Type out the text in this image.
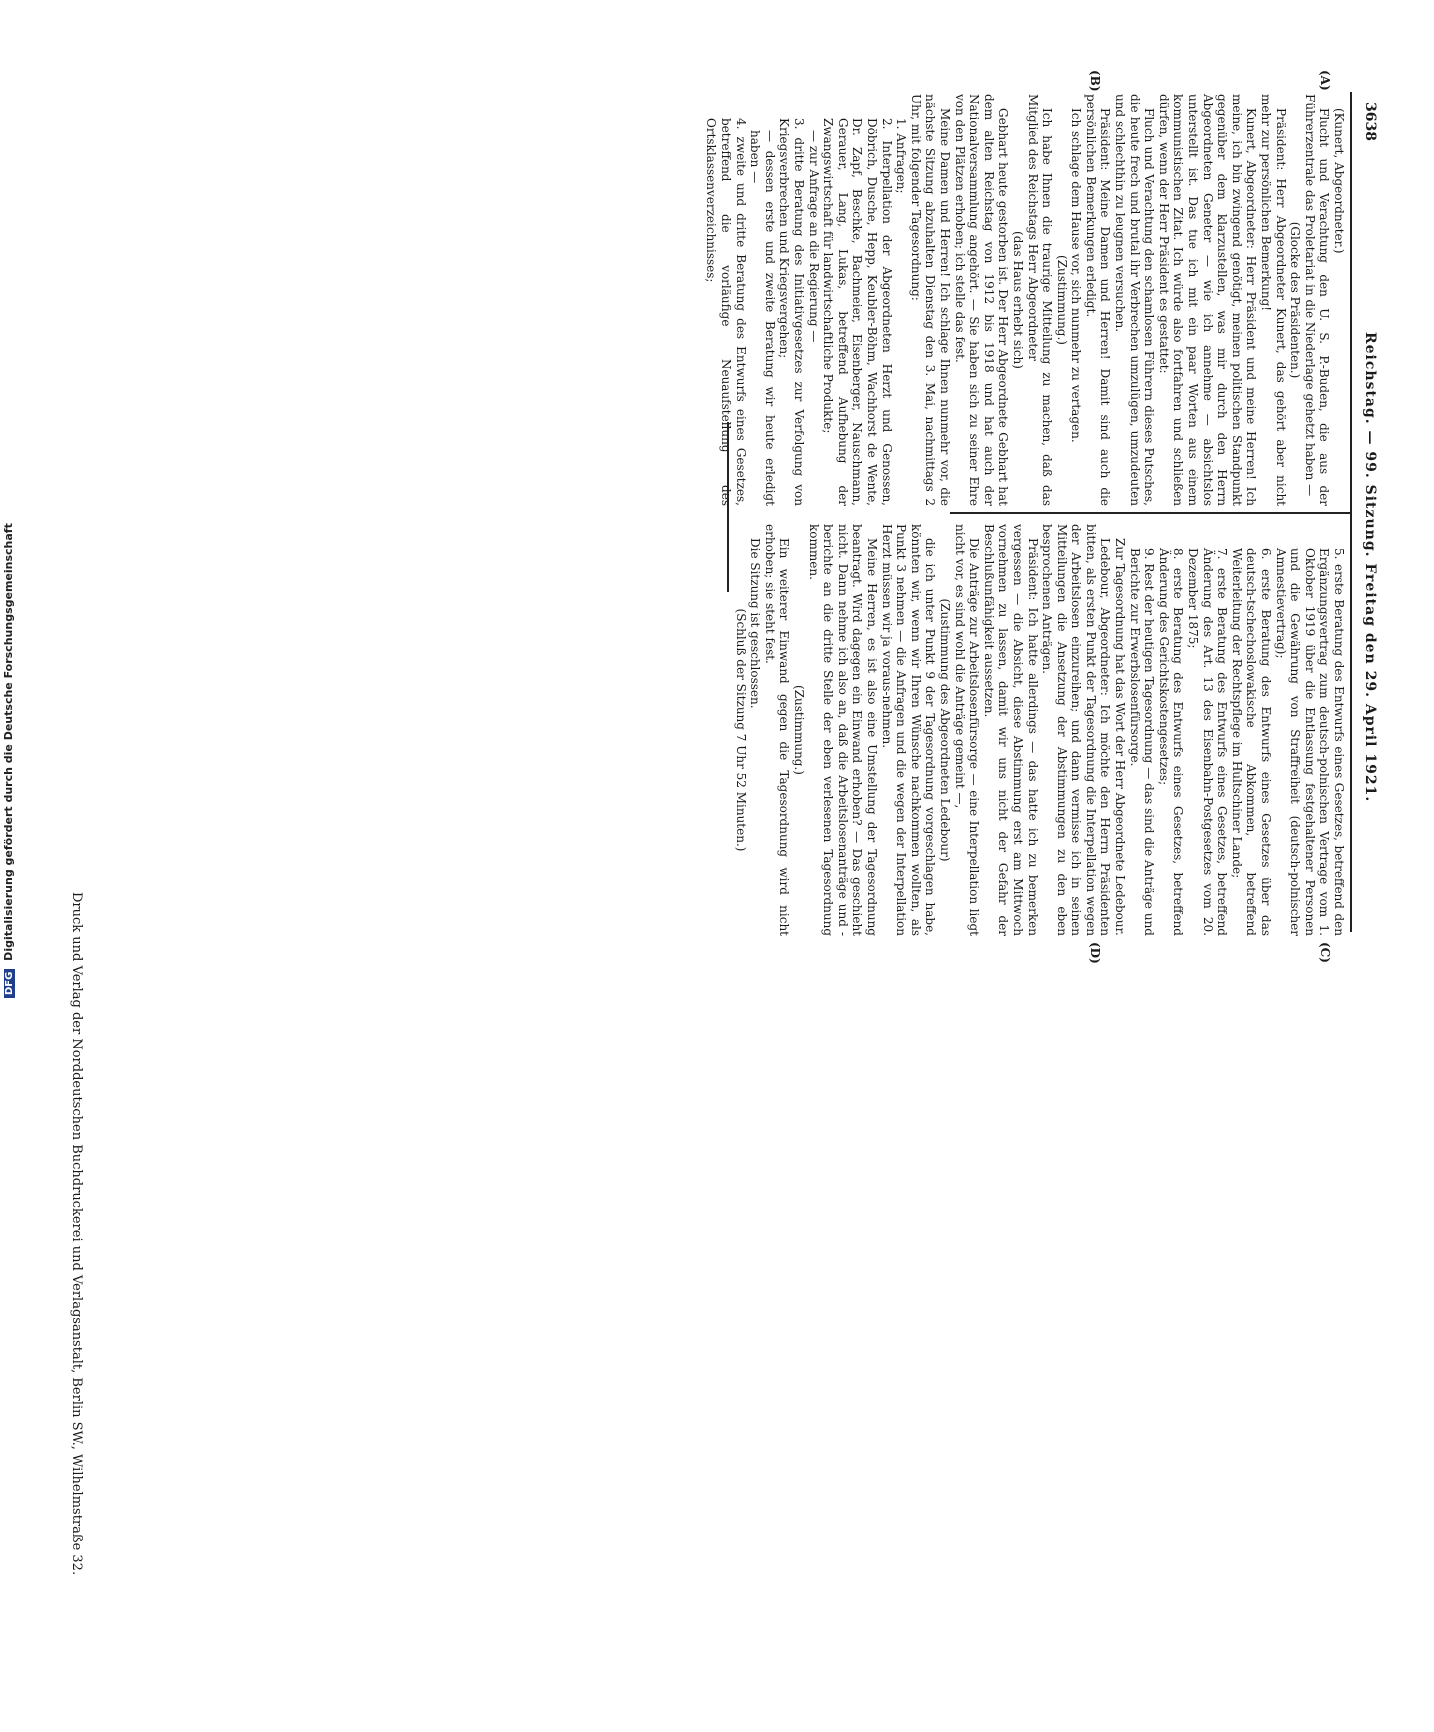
3638
Reichstag. — 99. Sitzung. Freitag den 29. April 1921.
(A)
(B)
(C)
(D)

(Kunert, Abgeordneter.)

Flucht und Verachtung den U. S. P.-Buden, die aus der Führerzentrale das Proletariat in die Niederlage gehetzt haben —

(Glocke des Präsidenten.)

Präsident: Herr Abgeordneter Kunert, das gehört aber nicht mehr zur persönlichen Bemerkung!

Kunert, Abgeordneter: Herr Präsident und meine Herren! Ich meine, ich bin zwingend genötigt, meinen politischen Standpunkt gegenüber dem klarzustellen, was mir durch den Herrn Abgeordneten Geneter — wie ich annehme — absichtslos unterstellt ist. Das tue ich mit ein paar Worten aus einem kommunistischen Zitat. Ich würde also fortfahren und schließen dürfen, wenn der Herr Präsident es gestattet:

Fluch und Verachtung den schamlosen Führern dieses Putsches, die heute frech und brutal ihr Verbrechen umzulügen, umzudeuten und schlechthin zu leugnen versuchen.

Präsident: Meine Damen und Herren! Damit sind auch die persönlichen Bemerkungen erledigt.

Ich schlage dem Hause vor, sich nunmehr zu vertagen.

(Zustimmung.)

Ich habe Ihnen die traurige Mitteilung zu machen, daß das Mitglied des Reichstags Herr Abgeordneter

(das Haus erhebt sich)

Gebhart heute gestorben ist. Der Herr Abgeordnete Gebhart hat dem alten Reichstag von 1912 bis 1918 und hat auch der Nationalversammlung angehört. — Sie haben sich zu seiner Ehre von den Plätzen erhoben; ich stelle das fest.

Meine Damen und Herren! Ich schlage Ihnen nunmehr vor, die nächste Sitzung abzuhalten Dienstag den 3. Mai, nachmittags 2 Uhr, mit folgender Tagesordnung:

1. Anfragen;

2. Interpellation der Abgeordneten Herzt und Genossen, Döbrich, Dusche, Hepp, Keubler-Böhm, Wachhorst de Wente, Dr. Zapf, Beschke, Bachmeier, Eisenberger, Nauschmann, Gerauer, Lang, Lukas, betreffend Aufhebung der Zwangswirtschaft für landwirtschaftliche Produkte;

— zur Anfrage an die Regierung —

3. dritte Beratung des Initiativgesetzes zur Verfolgung von Kriegsverbrechen und Kriegsvergehen;

— dessen erste und zweite Beratung wir heute erledigt haben —

4. zweite und dritte Beratung des Entwurfs eines Gesetzes, betreffend die vorläufige Neuaufstellung des Ortsklassenverzeichnisses;

5. erste Beratung des Entwurfs eines Gesetzes, betreffend den Ergänzungsvertrag zum deutsch-polnischen Vertrage vom 1. Oktober 1919 über die Entlassung festgehaltener Personen und die Gewährung von Straffreiheit (deutsch-polnischer Amnestievertrag);

6. erste Beratung des Entwurfs eines Gesetzes über das deutsch-tschechoslowakische Abkommen, betreffend Weiterleitung der Rechtspflege im Hultschiner Lande;

7. erste Beratung des Entwurfs eines Gesetzes, betreffend Änderung des Art. 13 des Eisenbahn-Postgesetzes vom 20. Dezember 1875;

8. erste Beratung des Entwurfs eines Gesetzes, betreffend Änderung des Gerichtskostengesetzes;

9. Rest der heutigen Tagesordnung — das sind die Anträge und Berichte zur Erwerbslosenfürsorge.

Zur Tagesordnung hat das Wort der Herr Abgeordnete Ledebour.

Ledebour, Abgeordneter: Ich möchte den Herrn Präsidenten bitten, als ersten Punkt der Tagesordnung die Interpellation wegen der Arbeitslosen einzureihen; und dann vermisse ich in seinen Mitteilungen die Ansetzung der Abstimmungen zu den eben besprochenen Anträgen.

Präsident: Ich hatte allerdings — das hatte ich zu bemerken vergessen — die Absicht, diese Abstimmung erst am Mittwoch vornehmen zu lassen, damit wir uns nicht der Gefahr der Beschlußunfähigkeit aussetzen.

Die Anträge zur Arbeitslosenfürsorge — eine Interpellation liegt nicht vor, es sind wohl die Anträge gemeint —,

(Zustimmung des Abgeordneten Ledebour)

die ich unter Punkt 9 der Tagesordnung vorgeschlagen habe, könnten wir, wenn wir Ihren Wünsche nachkommen wollten, als Punkt 3 nehmen — die Anfragen und die wegen der Interpellation Herzt müssen wir ja voraus-nehmen.

Meine Herren, es ist also eine Umstellung der Tagesordnung beantragt. Wird dagegen ein Einwand erhoben? — Das geschieht nicht. Dann nehme ich also an, daß die Arbeitslosenanträge und -berichte an die dritte Stelle der eben verlesenen Tagesordnung kommen.

(Zustimmung.)

Ein weiterer Einwand gegen die Tagesordnung wird nicht erhoben; sie steht fest.

Die Sitzung ist geschlossen.

(Schluß der Sitzung 7 Uhr 52 Minuten.)

Druck und Verlag der Norddeutschen Buchdruckerei und Verlagsanstalt, Berlin SW., Wilhelmstraße 32.
DFG Digitalisierung gefördert durch die Deutsche Forschungsgemeinschaft
